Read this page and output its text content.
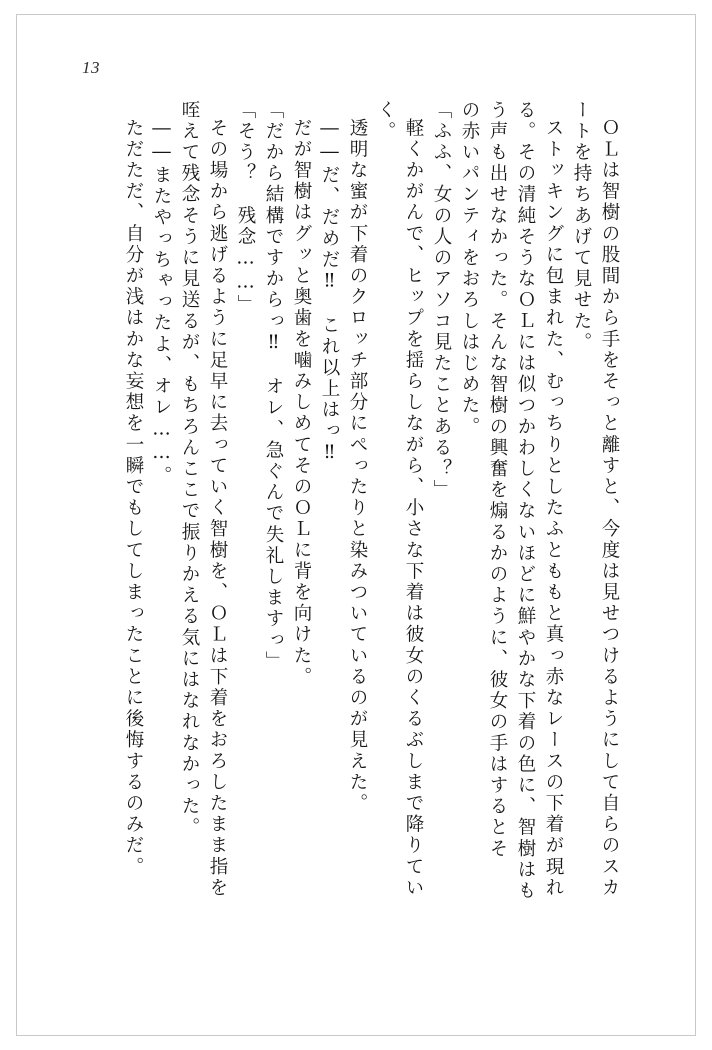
13
ＯＬは智樹の股間から手をそっと離すと、今度は見せつけるようにして自らのスカ
ートを持ちあげて見せた。
ストッキングに包まれた、むっちりとしたふとももと真っ赤なレースの下着が現れ
る。その清純そうなＯＬには似つかわしくないほどに鮮やかな下着の色に、智樹はも
う声も出せなかった。そんな智樹の興奮を煽るかのように、彼女の手はするとそ
の赤いパンティをおろしはじめた。
「ふふ、女の人のアソコ見たことある？」
軽くかがんで、ヒップを揺らしながら、小さな下着は彼女のくるぶしまで降りてい
く。
透明な蜜が下着のクロッチ部分にぺったりと染みついているのが見えた。
――だ、だめだ‼　これ以上はっ‼
だが智樹はグッと奥歯を噛みしめてそのＯＬに背を向けた。
「だから結構ですからっ‼　オレ、急ぐんで失礼しますっ」
「そう？　残念……」
その場から逃げるように足早に去っていく智樹を、ＯＬは下着をおろしたまま指を
咥えて残念そうに見送るが、もちろんここで振りかえる気にはなれなかった。
――またやっちゃったよ、オレ……。
ただただ、自分が浅はかな妄想を一瞬でもしてしまったことに後悔するのみだ。
